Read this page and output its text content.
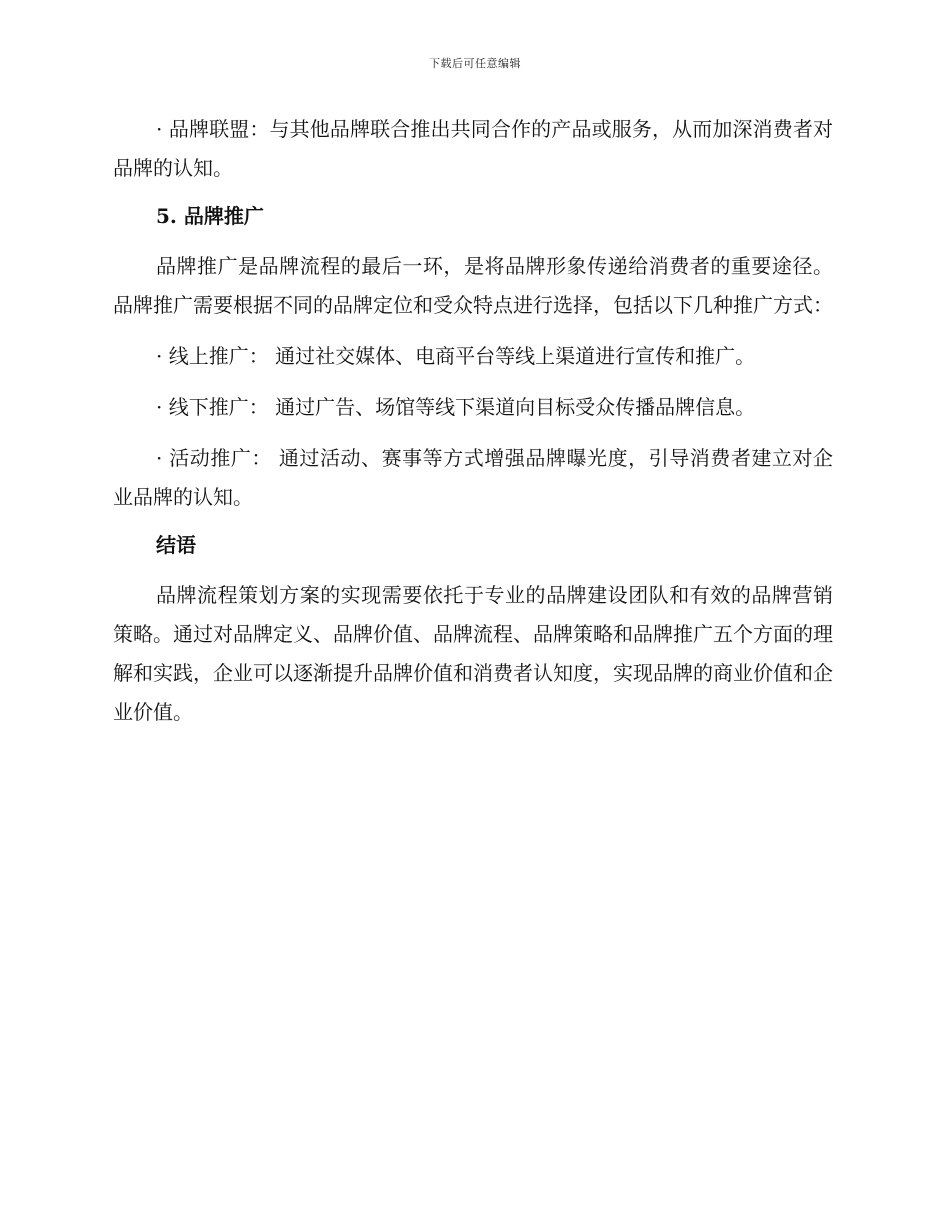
下载后可任意编辑

· 品牌联盟：与其他品牌联合推出共同合作的产品或服务，从而加深消费者对品牌的认知。

5. 品牌推广

品牌推广是品牌流程的最后一环，是将品牌形象传递给消费者的重要途径。品牌推广需要根据不同的品牌定位和受众特点进行选择，包括以下几种推广方式：

· 线上推广： 通过社交媒体、电商平台等线上渠道进行宣传和推广。

· 线下推广： 通过广告、场馆等线下渠道向目标受众传播品牌信息。

· 活动推广： 通过活动、赛事等方式增强品牌曝光度，引导消费者建立对企业品牌的认知。

结语

品牌流程策划方案的实现需要依托于专业的品牌建设团队和有效的品牌营销策略。通过对品牌定义、品牌价值、品牌流程、品牌策略和品牌推广五个方面的理解和实践，企业可以逐渐提升品牌价值和消费者认知度，实现品牌的商业价值和企业价值。
